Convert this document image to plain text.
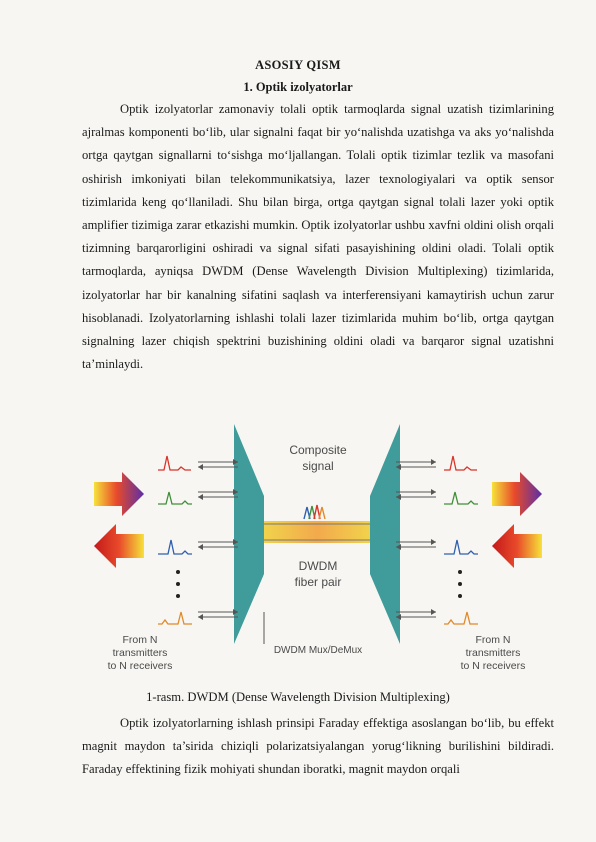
ASOSIY QISM
1. Optik izolyatorlar

Optik izolyatorlar zamonaviy tolali optik tarmoqlarda signal uzatish tizimlarining ajralmas komponenti bo‘lib, ular signalni faqat bir yo‘nalishda uzatishga va aks yo‘nalishda ortga qaytgan signallarni to‘sishga mo‘ljallangan. Tolali optik tizimlar tezlik va masofani oshirish imkoniyati bilan telekommunikatsiya, lazer texnologiyalari va optik sensor tizimlarida keng qo‘llaniladi. Shu bilan birga, ortga qaytgan signal tolali lazer yoki optik amplifier tizimiga zarar etkazishi mumkin. Optik izolyatorlar ushbu xavfni oldini olish orqali tizimning barqarorligini oshiradi va signal sifati pasayishining oldini oladi. Tolali optik tarmoqlarda, ayniqsa DWDM (Dense Wavelength Division Multiplexing) tizimlarida, izolyatorlar har bir kanalning sifatini saqlash va interferensiyani kamaytirish uchun zarur hisoblanadi. Izolyatorlarning ishlashi tolali lazer tizimlarida muhim bo‘lib, ortga qaytgan signalning lazer chiqish spektrini buzishining oldini oladi va barqaror signal uzatishni ta’minlaydi.

Composite
signal
DWDM
fiber pair
DWDM Mux/DeMux
From N
transmitters
to N receivers
From N
transmitters
to N receivers
1-rasm. DWDM (Dense Wavelength Division Multiplexing)

Optik izolyatorlarning ishlash prinsipi Faraday effektiga asoslangan bo‘lib, bu effekt magnit maydon ta’sirida chiziqli polarizatsiyalangan yorug‘likning burilishini bildiradi. Faraday effektining fizik mohiyati shundan iboratki, magnit maydon orqali
